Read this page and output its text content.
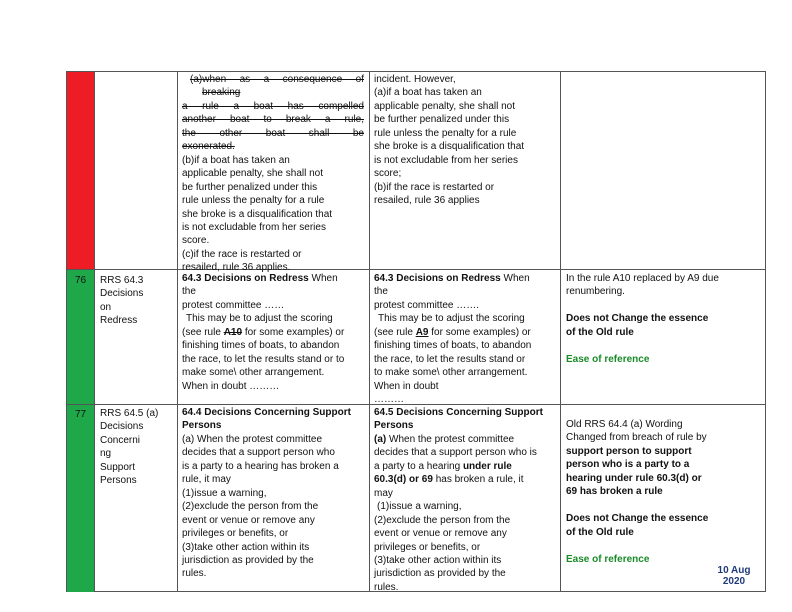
(a)when as a consequence of

breaking

a rule a boat has compelled

another boat to break a rule,

the other boat shall be

exonerated.

(b)if a boat has taken an

applicable penalty, she shall not

be further penalized under this

rule unless the penalty for a rule

she broke is a disqualification that

is not excludable from her series

score.

(c)if the race is restarted or

resailed, rule 36 applies.

incident. However,

(a)if a boat has taken an

applicable penalty, she shall not

be further penalized under this

rule unless the penalty for a rule

she broke is a disqualification that

is not excludable from her series

score;

(b)if the race is restarted or

resailed, rule 36 applies

76 RRS 64.3

Decisions

on

Redress

64.3 Decisions on Redress When

the

protest committee ……

This may be to adjust the scoring

(see rule A10 for some examples) or

finishing times of boats, to abandon

the race, to let the results stand or to

make some\ other arrangement.

When in doubt ………

64.3 Decisions on Redress When

the

protest committee …….

This may be to adjust the scoring

(see rule A9 for some examples) or

finishing times of boats, to abandon

the race, to let the results stand or

to make some\ other arrangement.

When in doubt

………

In the rule A10 replaced by A9 due

renumbering.

Does not Change the essence

of the Old rule

Ease of reference

77 RRS 64.5 (a)

Decisions

Concerni

ng

Support

Persons

64.4 Decisions Concerning Support

Persons

(a) When the protest committee

decides that a support person who

is a party to a hearing has broken a

rule, it may

(1)issue a warning,

(2)exclude the person from the

event or venue or remove any

privileges or benefits, or

(3)take other action within its

jurisdiction as provided by the

rules.

64.5 Decisions Concerning Support

Persons

(a) When the protest committee

decides that a support person who is

a party to a hearing under rule

60.3(d) or 69 has broken a rule, it

may

(1)issue a warning,

(2)exclude the person from the

event or venue or remove any

privileges or benefits, or

(3)take other action within its

jurisdiction as provided by the

rules.

Old RRS 64.4 (a) Wording

Changed from breach of rule by

support person to support

person who is a party to a

hearing under rule 60.3(d) or

69 has broken a rule

Does not Change the essence

of the Old rule

Ease of reference

10 Aug
2020
